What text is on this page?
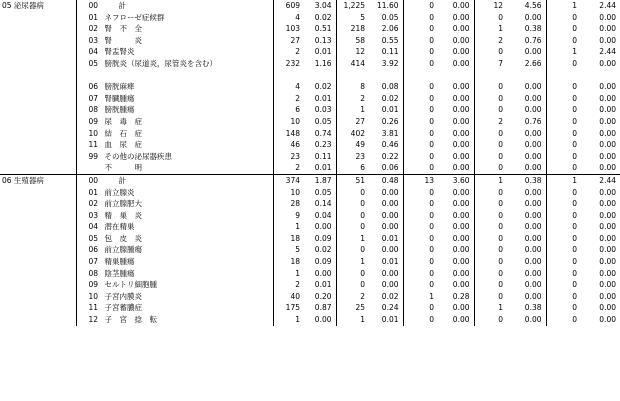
05 泌尿器病	00 計	609	3.04	1,225	11.60	0	0.00	12	4.56	1	2.44
	01 ネフローゼ症候群	4	0.02	5	0.05	0	0.00	0	0.00	0	0.00
	02 腎　不　全	103	0.51	218	2.06	0	0.00	1	0.38	0	0.00
	03 腎　　　炎	27	0.13	58	0.55	0	0.00	2	0.76	0	0.00
	04 腎盂腎炎	2	0.01	12	0.11	0	0.00	0	0.00	1	2.44
	05 膀胱炎（尿道炎，尿管炎を含む）	232	1.16	414	3.92	0	0.00	7	2.66	0	0.00
	06 膀胱麻痺	4	0.02	8	0.08	0	0.00	0	0.00	0	0.00
	07 腎臓腫瘍	2	0.01	2	0.02	0	0.00	0	0.00	0	0.00
	08 膀胱腫瘍	6	0.03	1	0.01	0	0.00	0	0.00	0	0.00
	09 尿　毒　症	10	0.05	27	0.26	0	0.00	2	0.76	0	0.00
	10 結　石　症	148	0.74	402	3.81	0	0.00	0	0.00	0	0.00
	11 血　尿　症	46	0.23	49	0.46	0	0.00	0	0.00	0	0.00
	99 その他の泌尿器疾患	23	0.11	23	0.22	0	0.00	0	0.00	0	0.00
	不　　　明	2	0.01	6	0.06	0	0.00	0	0.00	0	0.00
06 生殖器病	00 計	374	1.87	51	0.48	13	3.60	1	0.38	1	2.44
	01 前立腺炎	10	0.05	0	0.00	0	0.00	0	0.00	0	0.00
	02 前立腺肥大	28	0.14	0	0.00	0	0.00	0	0.00	0	0.00
	03 精　巣　炎	9	0.04	0	0.00	0	0.00	0	0.00	0	0.00
	04 潜在精巣	1	0.00	0	0.00	0	0.00	0	0.00	0	0.00
	05 包　皮　炎	18	0.09	1	0.01	0	0.00	0	0.00	0	0.00
	06 前立腺腫瘍	5	0.02	0	0.00	0	0.00	0	0.00	0	0.00
	07 精巣腫瘍	18	0.09	1	0.01	0	0.00	0	0.00	0	0.00
	08 陰茎腫瘍	1	0.00	0	0.00	0	0.00	0	0.00	0	0.00
	09 セルトリ細胞腫	2	0.01	0	0.00	0	0.00	0	0.00	0	0.00
	10 子宮内膜炎	40	0.20	2	0.02	1	0.28	0	0.00	0	0.00
	11 子宮蓄膿症	175	0.87	25	0.24	0	0.00	1	0.38	0	0.00
	12 子　宮　捻　転	1	0.00	1	0.01	0	0.00	0	0.00	0	0.00
